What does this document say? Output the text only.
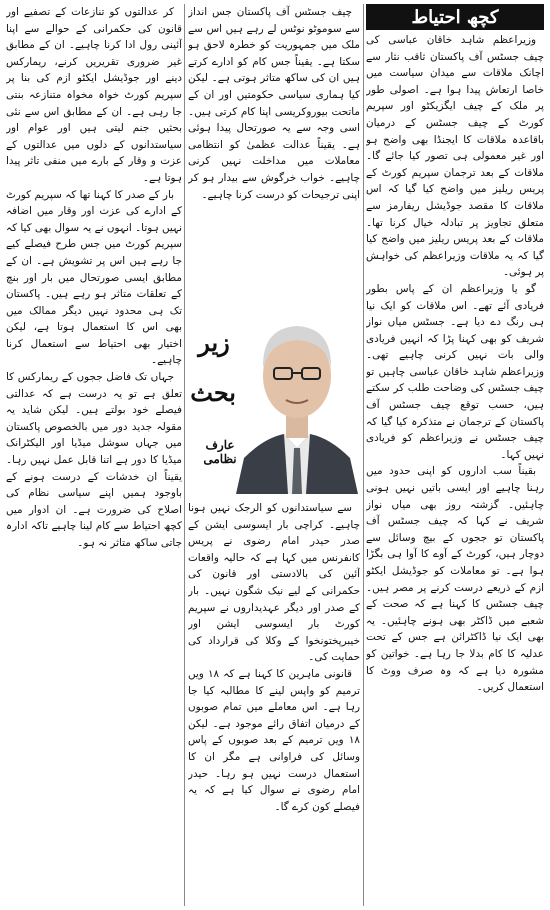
کچھ احتیاط

وزیراعظم شاہد خاقان عباسی کی چیف جسٹس آف پاکستان ثاقب نثار سے اچانک ملاقات سے میدان سیاست میں خاصا ارتعاش پیدا ہوا ہے۔ اصولی طور پر ملک کے چیف ایگزیکٹو اور سپریم کورٹ کے چیف جسٹس کے درمیان باقاعدہ ملاقات کا ایجنڈا بھی واضح ہو اور غیر معمولی ہی تصور کیا جائے گا۔ ملاقات کے بعد ترجمان سپریم کورٹ کے پریس ریلیز میں واضح کیا گیا کہ اس ملاقات کا مقصد جوڈیشل ریفارمز سے متعلق تجاویز پر تبادلہ خیال کرنا تھا۔ ملاقات کے بعد پریس ریلیز میں واضح کیا گیا کہ یہ ملاقات وزیراعظم کی خواہش پر ہوئی۔

گو یا وزیراعظم ان کے پاس بطور فریادی آئے تھے۔ اس ملاقات کو ایک نیا ہی رنگ دے دیا ہے۔ جسٹس میاں نواز شریف کو بھی کہنا پڑا کہ انہیں فریادی والی بات نہیں کرنی چاہیے تھی۔ وزیراعظم شاہد خاقان عباسی چاہیں تو چیف جسٹس کی وضاحت طلب کر سکتے ہیں، حسب توقع چیف جسٹس آف پاکستان کے ترجمان نے متذکرہ کیا گیا کہ چیف جسٹس نے وزیراعظم کو فریادی نہیں کہا۔

بقیناً سب اداروں کو اپنی حدود میں رہنا چاہیے اور ایسی باتیں نہیں ہونی چاہئیں۔ گزشتہ روز بھی میاں نواز شریف نے کہا کہ چیف جسٹس آف پاکستان تو ججوں کے بیچ وسائل سے دوچار ہیں، کورٹ کے آوے کا آوا ہی بگڑا ہوا ہے۔ تو معاملات کو جوڈیشل ایکٹو ازم کے ذریعے درست کرنے پر مصر ہیں۔ چیف جسٹس کا کہنا ہے کہ صحت کے شعبے میں ڈاکٹر بھی ہونے چاہئیں۔ یہ بھی ایک نیا ڈاکٹرائن ہے جس کے تحت عدلیہ کا کام بدلا جا رہا ہے۔ خواتین کو مشورہ دیا ہے کہ وہ صرف ووٹ کا استعمال کریں۔

چیف جسٹس آف پاکستان جس انداز سے سوموٹو نوٹس لے رہے ہیں اس سے ملک میں جمہوریت کو خطرہ لاحق ہو سکتا ہے۔ یقیناً جس کام کو ادارے کرتے ہیں ان کی ساکھ متاثر ہوتی ہے۔ لیکن کیا ہماری سیاسی حکومتیں اور ان کے ماتحت بیوروکریسی اپنا کام کرتی ہیں۔ اسی وجہ سے یہ صورتحال پیدا ہوئی ہے۔ یقیناً عدالت عظمیٰ کو انتظامی معاملات میں مداخلت نہیں کرنی چاہیے۔ خواب خرگوش سے بیدار ہو کر اپنی ترجیحات کو درست کرنا چاہیے۔

زیر
بحث
عارف نظامی

سے سیاستدانوں کو الرجک نہیں ہونا چاہیے۔ کراچی بار ایسوسی ایشن کے صدر حیدر امام رضوی نے پریس کانفرنس میں کہا ہے کہ حالیہ واقعات آئین کی بالادستی اور قانون کی حکمرانی کے لیے نیک شگون نہیں۔ بار کے صدر اور دیگر عہدیداروں نے سپریم کورٹ بار ایسوسی ایشن اور خیبرپختونخوا کے وکلا کی قرارداد کی حمایت کی۔

قانونی ماہرین کا کہنا ہے کہ ۱۸ ویں ترمیم کو واپس لینے کا مطالبہ کیا جا رہا ہے۔ اس معاملے میں تمام صوبوں کے درمیان اتفاق رائے موجود ہے۔ لیکن ۱۸ ویں ترمیم کے بعد صوبوں کے پاس وسائل کی فراوانی ہے مگر ان کا استعمال درست نہیں ہو رہا۔ حیدر امام رضوی نے سوال کیا ہے کہ یہ فیصلے کون کرے گا۔

کر عدالتوں کو تنازعات کے تصفیے اور قانون کی حکمرانی کے حوالے سے اپنا آئینی رول ادا کرنا چاہیے۔ ان کے مطابق غیر ضروری تقریریں کرنے، ریمارکس دینے اور جوڈیشل ایکٹو ازم کی بنا پر سپریم کورٹ خواہ مخواہ متنازعہ بنتی جا رہی ہے۔ ان کے مطابق اس سے نئی بحثیں جنم لیتی ہیں اور عوام اور سیاستدانوں کے دلوں میں عدالتوں کے عزت و وقار کے بارے میں منفی تاثر پیدا ہوتا ہے۔

بار کے صدر کا کہنا تھا کہ سپریم کورٹ کے ادارے کی عزت اور وقار میں اضافہ نہیں ہوتا۔ انہوں نے یہ سوال بھی کیا کہ سپریم کورٹ میں جس طرح فیصلے کیے جا رہے ہیں اس پر تشویش ہے۔ ان کے مطابق ایسی صورتحال میں بار اور بنچ کے تعلقات متاثر ہو رہے ہیں۔ پاکستان تک ہی محدود نہیں دیگر ممالک میں بھی اس کا استعمال ہوتا ہے، لیکن اختیار بھی احتیاط سے استعمال کرنا چاہیے۔

جہاں تک فاضل ججوں کے ریمارکس کا تعلق ہے تو یہ درست ہے کہ عدالتی فیصلے خود بولتے ہیں۔ لیکن شاید یہ مقولہ جدید دور میں بالخصوص پاکستان میں جہاں سوشل میڈیا اور الیکٹرانک میڈیا کا دور ہے اتنا قابل عمل نہیں رہا۔ یقیناً ان خدشات کے درست ہونے کے باوجود ہمیں اپنے سیاسی نظام کی اصلاح کی ضرورت ہے۔ ان ادوار میں کچھ احتیاط سے کام لینا چاہیے تاکہ ادارہ جاتی ساکھ متاثر نہ ہو۔
